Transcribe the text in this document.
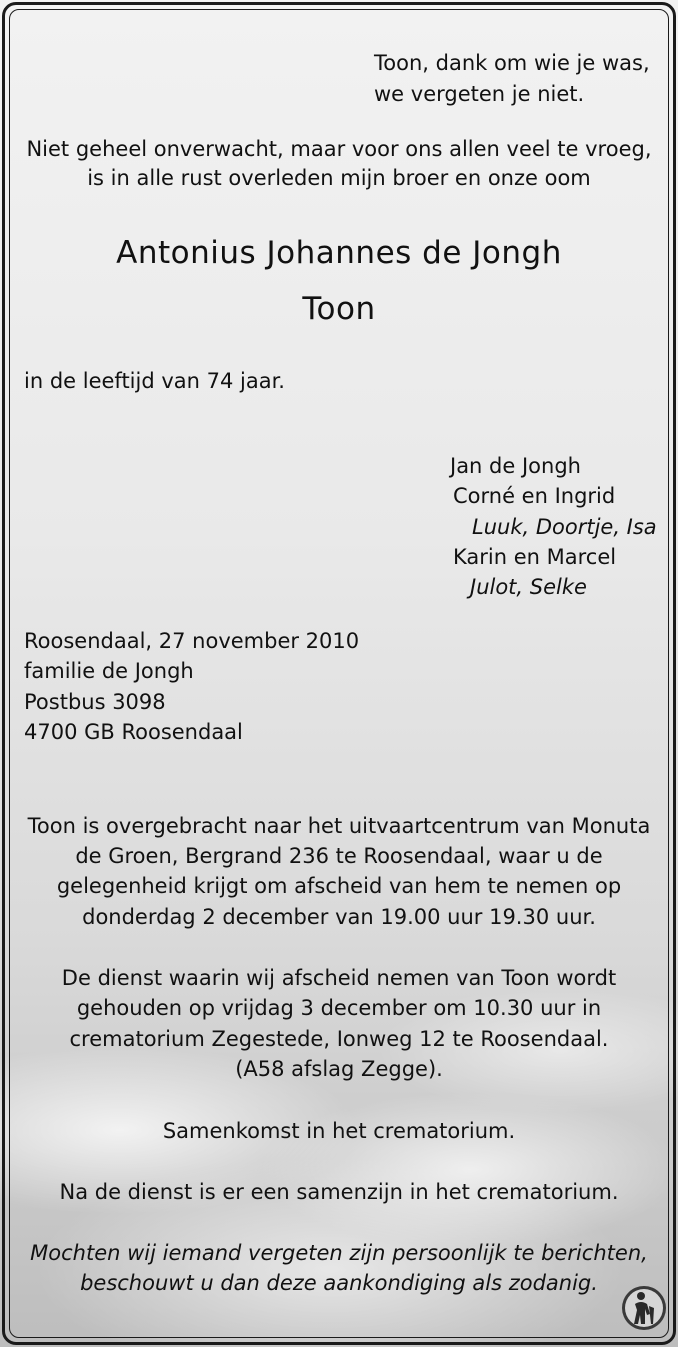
Toon, dank om wie je was,
we vergeten je niet.
Niet geheel onverwacht, maar voor ons allen veel te vroeg,
is in alle rust overleden mijn broer en onze oom
Antonius Johannes de Jongh
Toon
in de leeftijd van 74 jaar.
Jan de Jongh
Corné en Ingrid
Luuk, Doortje, Isa
Karin en Marcel
Julot, Selke
Roosendaal, 27 november 2010
familie de Jongh
Postbus 3098
4700 GB Roosendaal
Toon is overgebracht naar het uitvaartcentrum van Monuta
de Groen, Bergrand 236 te Roosendaal, waar u de
gelegenheid krijgt om afscheid van hem te nemen op
donderdag 2 december van 19.00 uur 19.30 uur.
De dienst waarin wij afscheid nemen van Toon wordt
gehouden op vrijdag 3 december om 10.30 uur in
crematorium Zegestede, Ionweg 12 te Roosendaal.
(A58 afslag Zegge).
Samenkomst in het crematorium.
Na de dienst is er een samenzijn in het crematorium.
Mochten wij iemand vergeten zijn persoonlijk te berichten,
beschouwt u dan deze aankondiging als zodanig.
